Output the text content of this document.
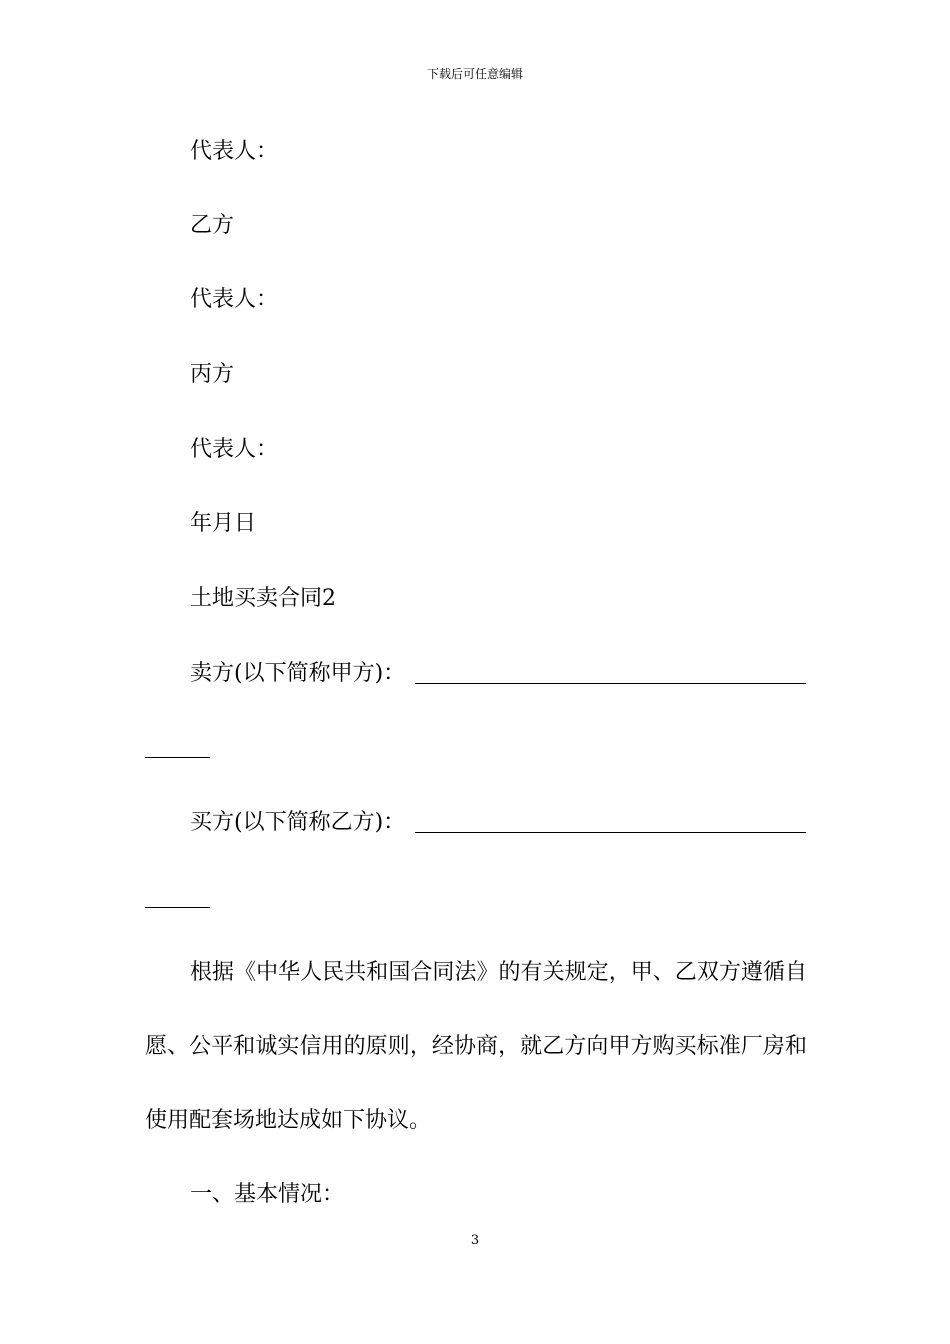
下载后可任意编辑
代表人：
乙方
代表人：
丙方
代表人：
年月日
土地买卖合同2
卖方(以下简称甲方)：
买方(以下简称乙方)：

根据《中华人民共和国合同法》的有关规定，甲、乙双方遵循自愿、公平和诚实信用的原则，经协商，就乙方向甲方购买标准厂房和使用配套场地达成如下协议。

一、基本情况：
3
